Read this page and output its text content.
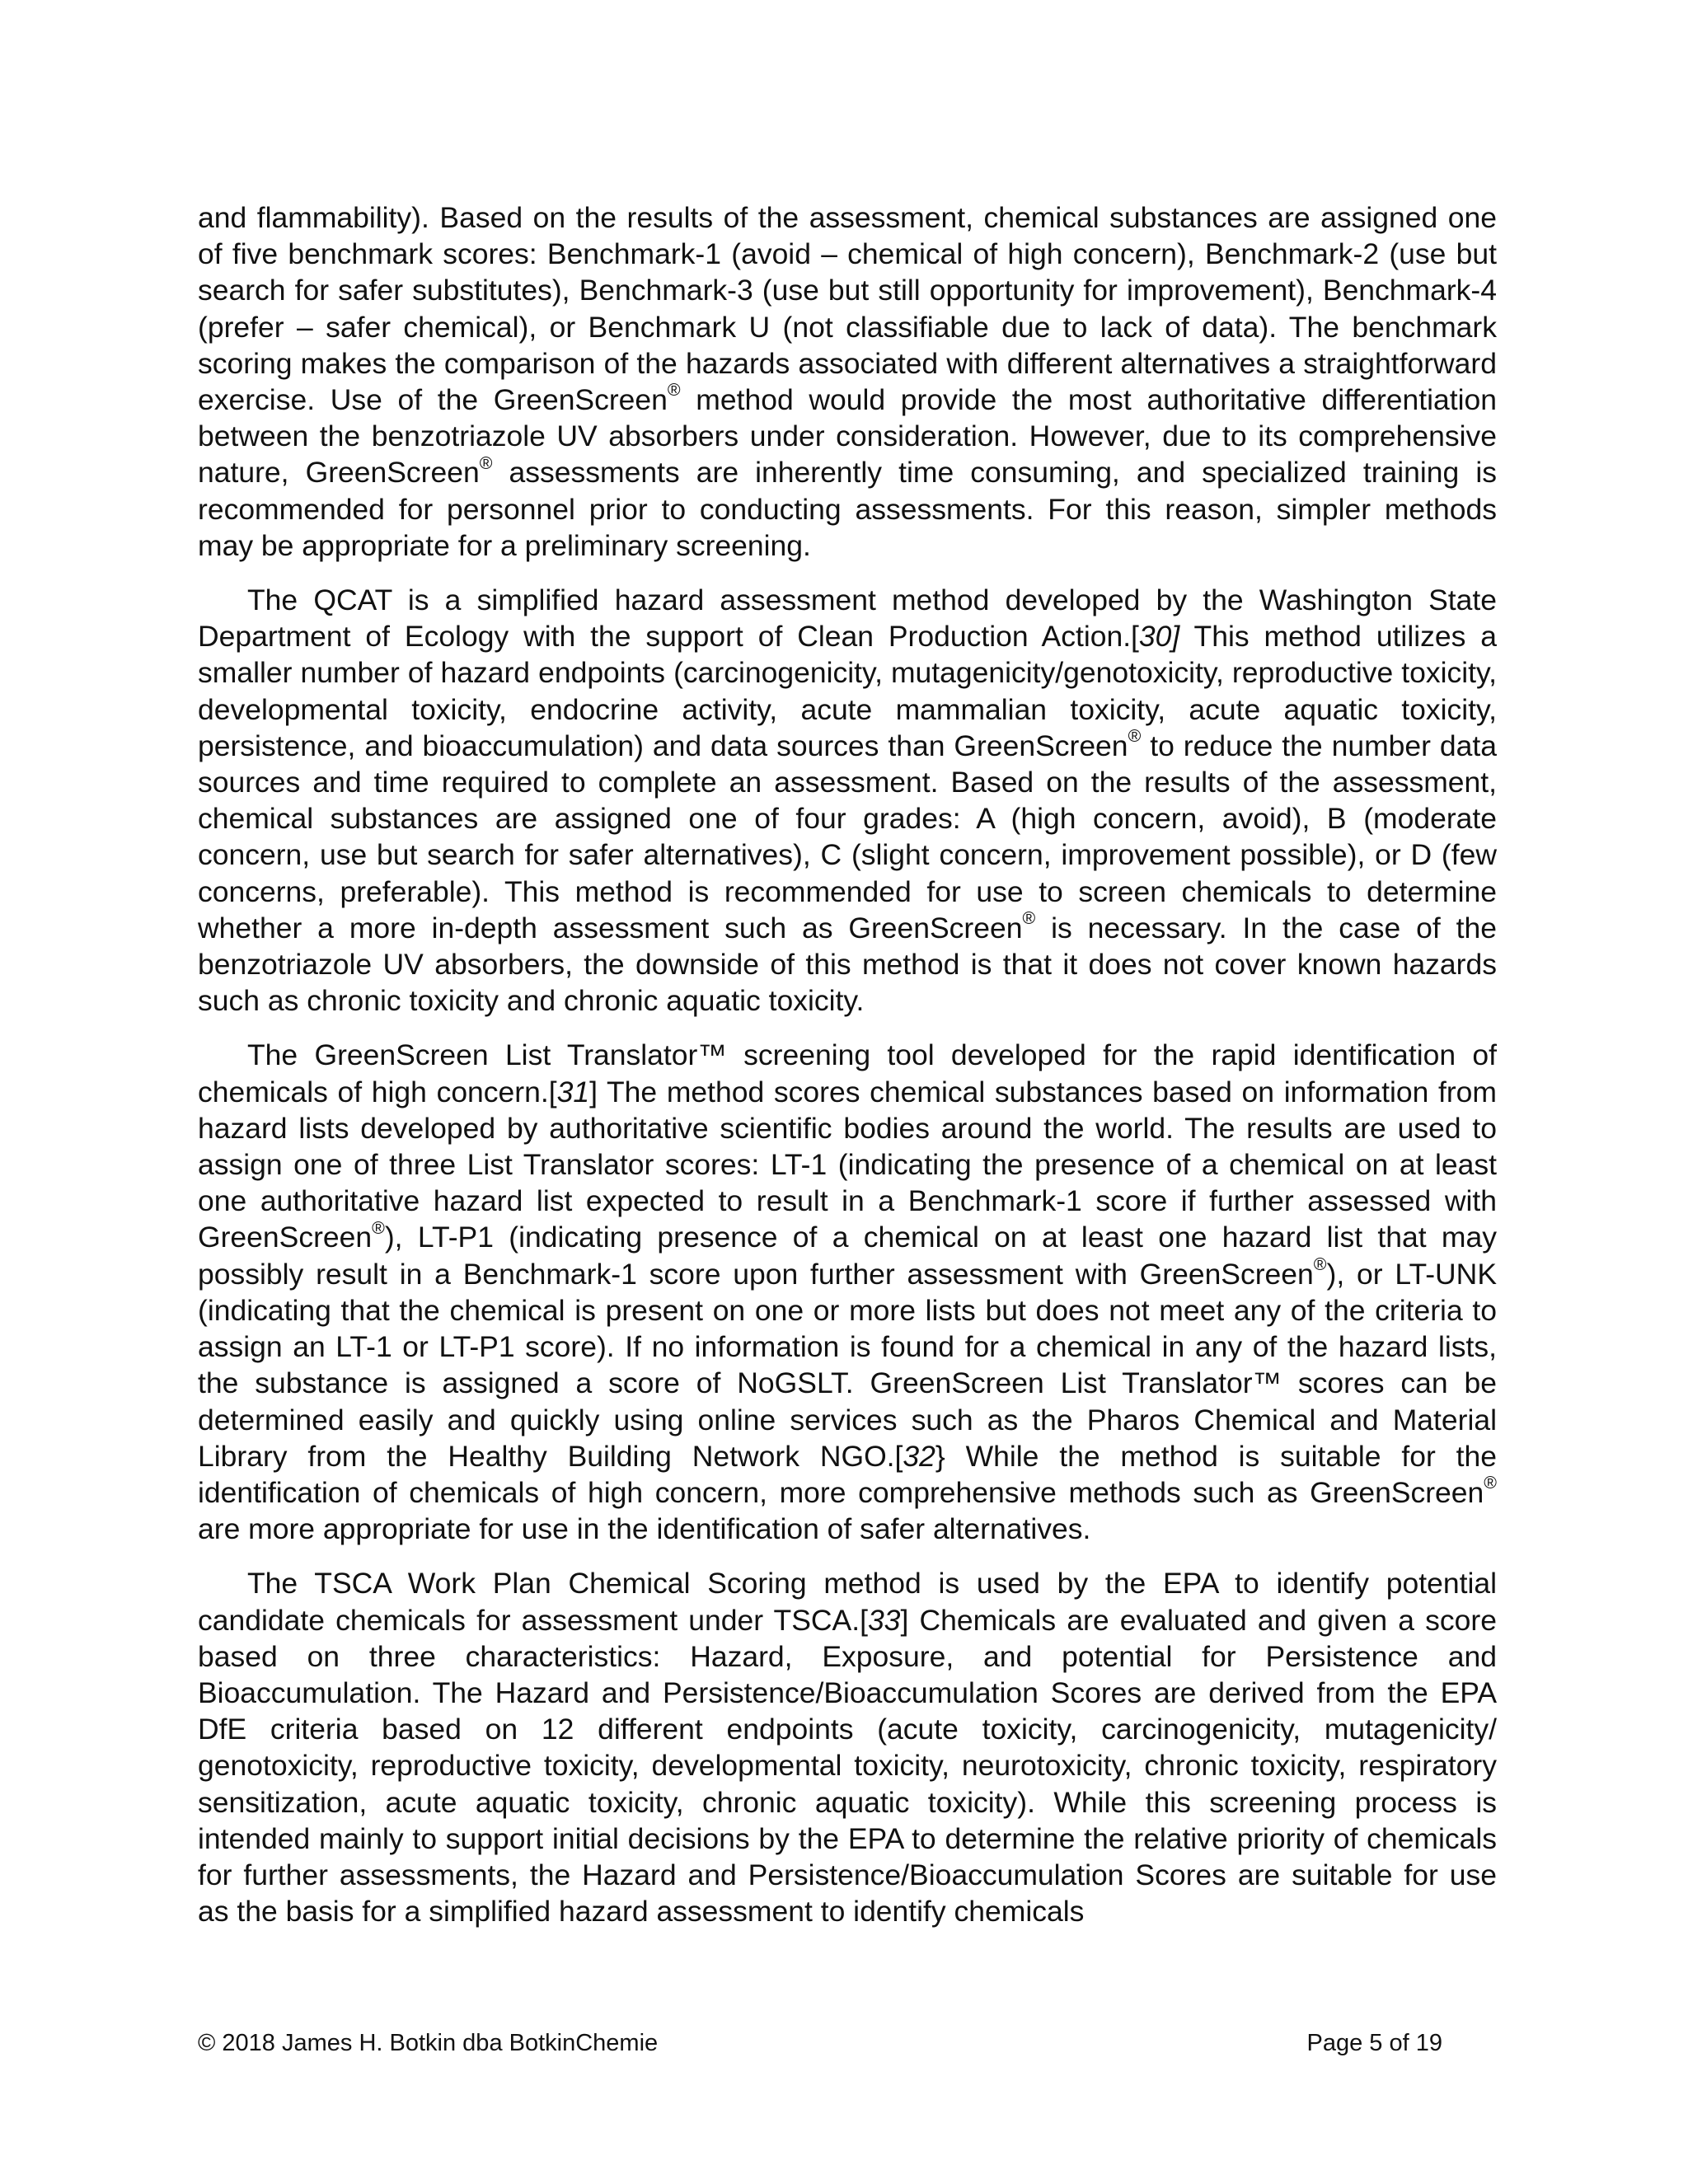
and flammability). Based on the results of the assessment, chemical substances are assigned one of five benchmark scores: Benchmark-1 (avoid – chemical of high concern), Benchmark-2 (use but search for safer substitutes), Benchmark-3 (use but still opportunity for improvement), Benchmark-4 (prefer – safer chemical), or Benchmark U (not classifiable due to lack of data). The benchmark scoring makes the comparison of the hazards associated with different alternatives a straightforward exercise. Use of the GreenScreen® method would provide the most authoritative differentiation between the benzotriazole UV absorbers under consideration. However, due to its comprehensive nature, GreenScreen® assessments are inherently time consuming, and specialized training is recommended for personnel prior to conducting assessments. For this reason, simpler methods may be appropriate for a preliminary screening.

The QCAT is a simplified hazard assessment method developed by the Washington State Department of Ecology with the support of Clean Production Action.[30] This method utilizes a smaller number of hazard endpoints (carcinogenicity, mutagenicity/genotoxicity, reproductive toxicity, developmental toxicity, endocrine activity, acute mammalian toxicity, acute aquatic toxicity, persistence, and bioaccumulation) and data sources than GreenScreen® to reduce the number data sources and time required to complete an assessment. Based on the results of the assessment, chemical substances are assigned one of four grades: A (high concern, avoid), B (moderate concern, use but search for safer alternatives), C (slight concern, improvement possible), or D (few concerns, preferable). This method is recommended for use to screen chemicals to determine whether a more in-depth assessment such as GreenScreen® is necessary. In the case of the benzotriazole UV absorbers, the downside of this method is that it does not cover known hazards such as chronic toxicity and chronic aquatic toxicity.

The GreenScreen List Translator™ screening tool developed for the rapid identification of chemicals of high concern.[31] The method scores chemical substances based on information from hazard lists developed by authoritative scientific bodies around the world. The results are used to assign one of three List Translator scores: LT-1 (indicating the presence of a chemical on at least one authoritative hazard list expected to result in a Benchmark-1 score if further assessed with GreenScreen®), LT-P1 (indicating presence of a chemical on at least one hazard list that may possibly result in a Benchmark-1 score upon further assessment with GreenScreen®), or LT-UNK (indicating that the chemical is present on one or more lists but does not meet any of the criteria to assign an LT-1 or LT-P1 score). If no information is found for a chemical in any of the hazard lists, the substance is assigned a score of NoGSLT. GreenScreen List Translator™ scores can be determined easily and quickly using online services such as the Pharos Chemical and Material Library from the Healthy Building Network NGO.[32} While the method is suitable for the identification of chemicals of high concern, more comprehensive methods such as GreenScreen® are more appropriate for use in the identification of safer alternatives.

The TSCA Work Plan Chemical Scoring method is used by the EPA to identify potential candidate chemicals for assessment under TSCA.[33] Chemicals are evaluated and given a score based on three characteristics: Hazard, Exposure, and potential for Persistence and Bioaccumulation. The Hazard and Persistence/Bioaccumulation Scores are derived from the EPA DfE criteria based on 12 different endpoints (acute toxicity, carcinogenicity, mutagenicity/ genotoxicity, reproductive toxicity, developmental toxicity, neurotoxicity, chronic toxicity, respiratory sensitization, acute aquatic toxicity, chronic aquatic toxicity). While this screening process is intended mainly to support initial decisions by the EPA to determine the relative priority of chemicals for further assessments, the Hazard and Persistence/Bioaccumulation Scores are suitable for use as the basis for a simplified hazard assessment to identify chemicals

© 2018 James H. Botkin dba BotkinChemie	Page 5 of 19
